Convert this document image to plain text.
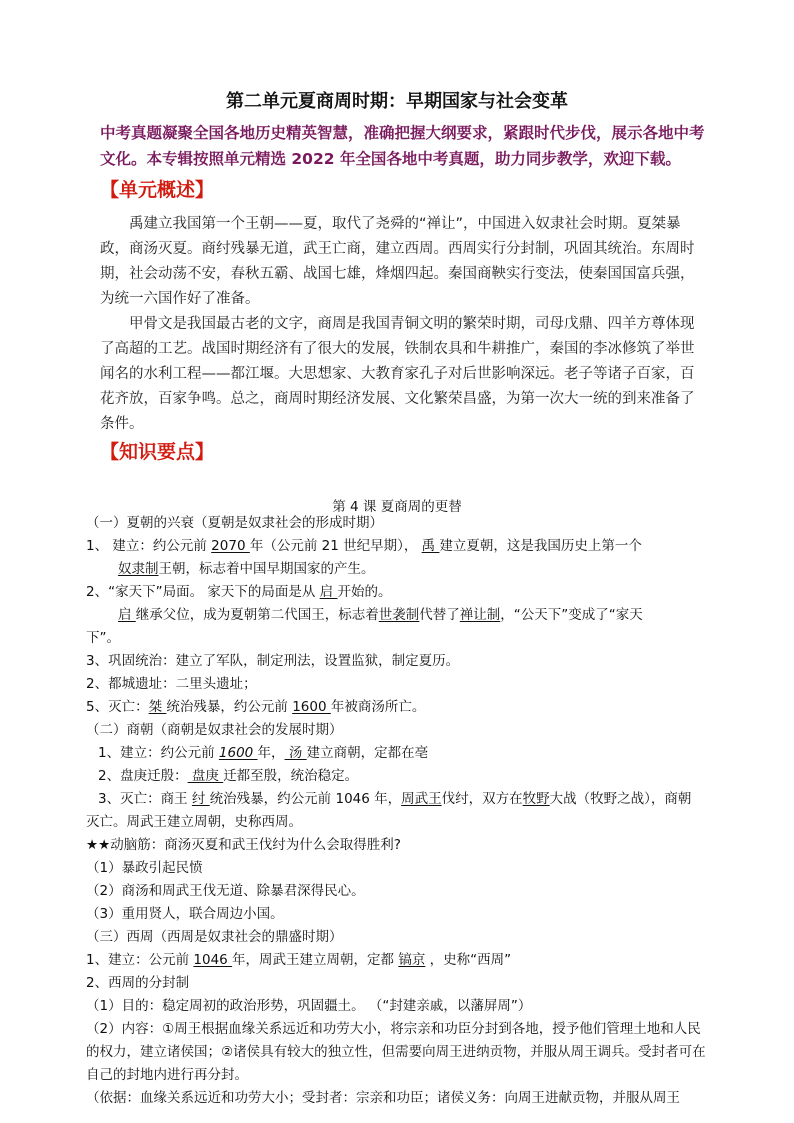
第二单元夏商周时期：早期国家与社会变革
中考真题凝聚全国各地历史精英智慧，准确把握大纲要求，紧跟时代步伐，展示各地中考文化。本专辑按照单元精选 2022 年全国各地中考真题，助力同步教学，欢迎下载。
【单元概述】
禹建立我国第一个王朝——夏，取代了尧舜的“禅让”，中国进入奴隶社会时期。夏桀暴政，商汤灭夏。商纣残暴无道，武王亡商，建立西周。西周实行分封制，巩固其统治。东周时期，社会动荡不安，春秋五霸、战国七雄，烽烟四起。秦国商鞅实行变法，使秦国国富兵强，为统一六国作好了准备。
甲骨文是我国最古老的文字，商周是我国青铜文明的繁荣时期，司母戊鼎、四羊方尊体现了高超的工艺。战国时期经济有了很大的发展，铁制农具和牛耕推广，秦国的李冰修筑了举世闻名的水利工程——都江堰。大思想家、大教育家孔子对后世影响深远。老子等诸子百家，百花齐放，百家争鸣。总之，商周时期经济发展、文化繁荣昌盛，为第一次大一统的到来准备了条件。
【知识要点】
第 4 课 夏商周的更替
（一）夏朝的兴衰（夏朝是奴隶社会的形成时期）
1、 建立：约公元前 2070 年（公元前 21 世纪早期）， 禹 建立夏朝，这是我国历史上第一个
奴隶制王朝，标志着中国早期国家的产生。
2、“家天下”局面。 家天下的局面是从 启 开始的。
启 继承父位，成为夏朝第二代国王，标志着世袭制代替了禅让制，“公天下”变成了“家天
下”。
3、巩固统治：建立了军队，制定刑法，设置监狱，制定夏历。
2、都城遗址：二里头遗址；
5、灭亡：桀 统治残暴，约公元前 1600 年被商汤所亡。
（二）商朝（商朝是奴隶社会的发展时期）
1、建立：约公元前 1600 年， 汤 建立商朝，定都在亳
2、盘庚迁殷： 盘庚 迁都至殷，统治稳定。
3、灭亡：商王 纣 统治残暴，约公元前 1046 年，周武王伐纣，双方在牧野大战（牧野之战），商朝
灭亡。周武王建立周朝，史称西周。
★★动脑筋：商汤灭夏和武王伐纣为什么会取得胜利?
（1）暴政引起民愤
（2）商汤和周武王伐无道、除暴君深得民心。
（3）重用贤人，联合周边小国。
（三）西周（西周是奴隶社会的鼎盛时期）
1、建立：公元前 1046 年，周武王建立周朝，定都 镐京 ，史称“西周”
2、西周的分封制
（1）目的：稳定周初的政治形势，巩固疆土。 （“封建亲戚，以藩屏周”）
（2）内容：①周王根据血缘关系远近和功劳大小，将宗亲和功臣分封到各地，授予他们管理土地和人民的权力，建立诸侯国；②诸侯具有较大的独立性，但需要向周王进纳贡物，并服从周王调兵。受封者可在自己的封地内进行再分封。
（依据：血缘关系远近和功劳大小；受封者：宗亲和功臣；诸侯义务：向周王进献贡物，并服从周王
